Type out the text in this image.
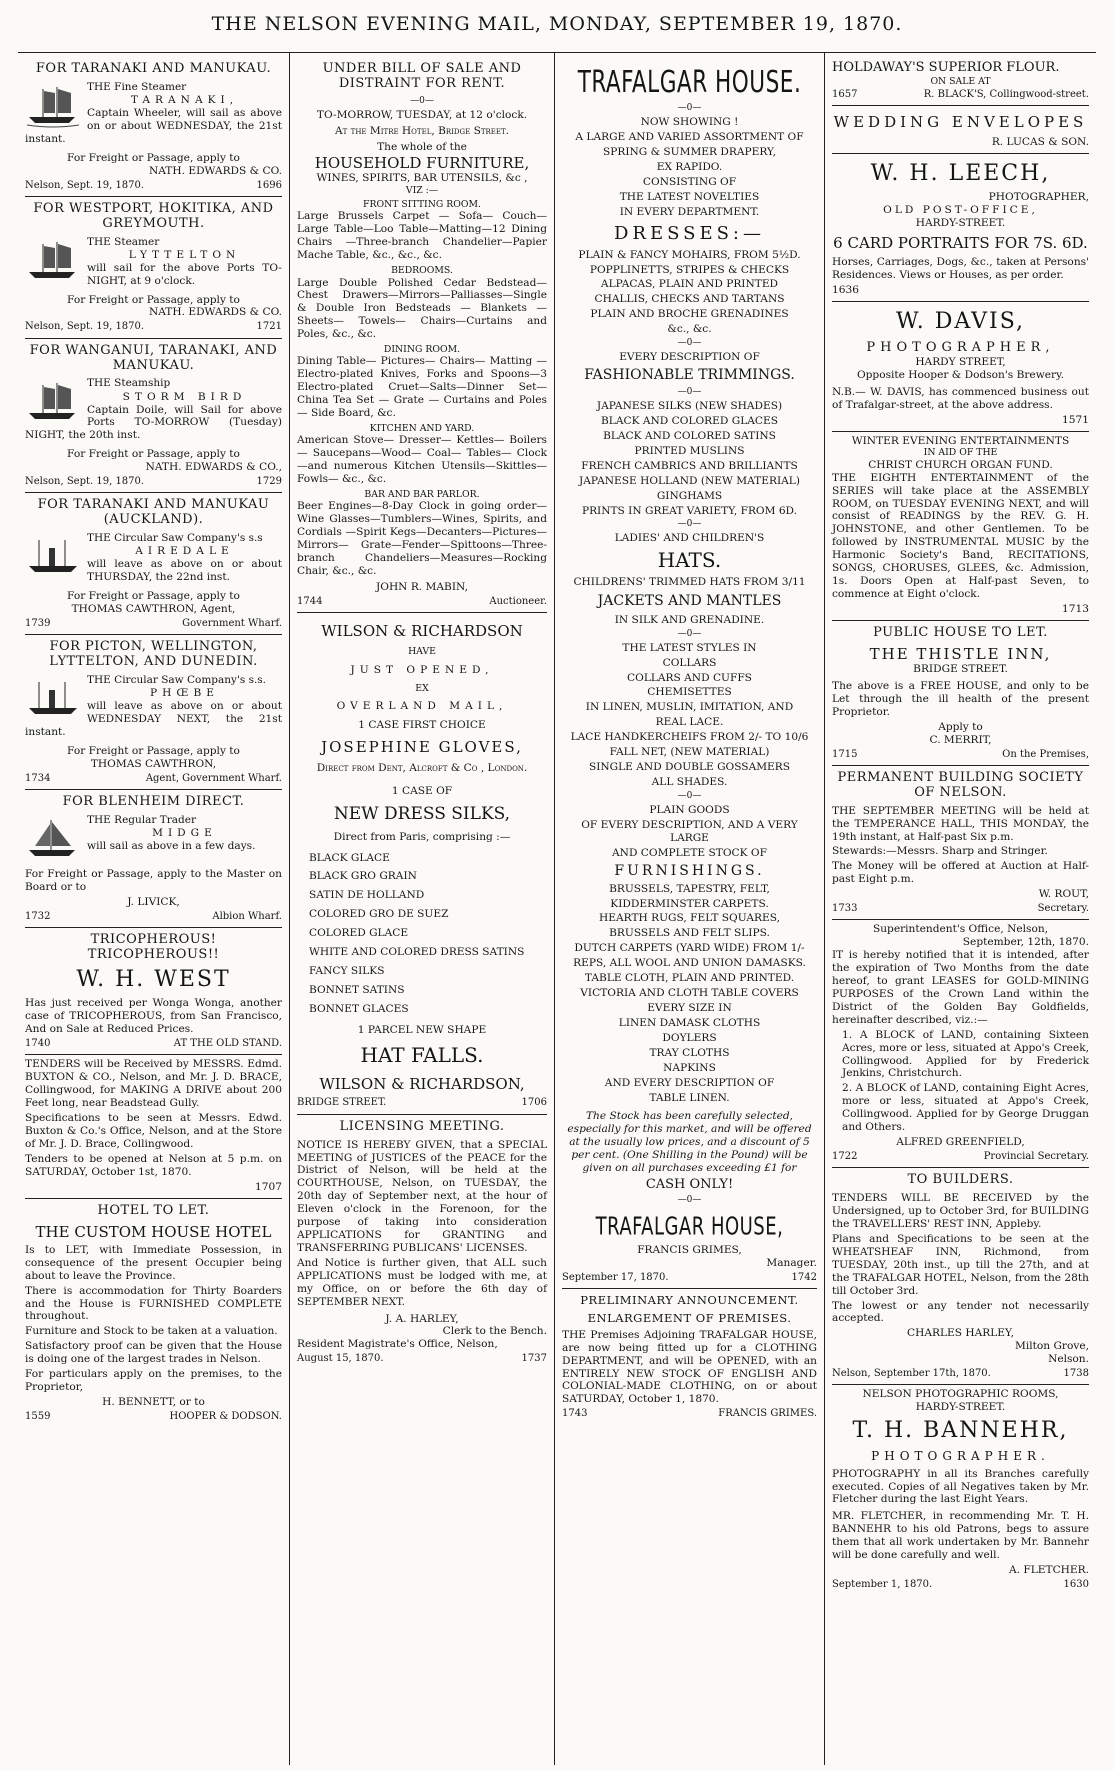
THE NELSON EVENING MAIL, MONDAY, SEPTEMBER 19, 1870.
FOR TARANAKI AND MANUKAU.
THE Fine Steamer
TARANAKI,

Captain Wheeler, will sail as above on or about WEDNESDAY, the 21st instant.

For Freight or Passage, apply to
NATH. EDWARDS & CO.
Nelson, Sept. 19, 1870.	1696
FOR WESTPORT, HOKITIKA, AND GREYMOUTH.
THE Steamer
LYTTELTON

will sail for the above Ports TO-NIGHT, at 9 o'clock.

For Freight or Passage, apply to
NATH. EDWARDS & CO.
Nelson, Sept. 19, 1870.	1721
FOR WANGANUI, TARANAKI, AND MANUKAU.
THE Steamship
STORM BIRD

Captain Doile, will Sail for above Ports TO-MORROW (Tuesday) NIGHT, the 20th inst.

For Freight or Passage, apply to
NATH. EDWARDS & CO.,
Nelson, Sept. 19, 1870.	1729
FOR TARANAKI AND MANUKAU (AUCKLAND).
THE Circular Saw Company's s.s
AIREDALE

will leave as above on or about THURSDAY, the 22nd inst.

For Freight or Passage, apply to
THOMAS CAWTHRON, Agent,
1739	Government Wharf.
FOR PICTON, WELLINGTON, LYTTELTON, AND DUNEDIN.
THE Circular Saw Company's s.s.
PHŒBE

will leave as above on or about WEDNESDAY NEXT, the 21st instant.

For Freight or Passage, apply to
THOMAS CAWTHRON,
1734	Agent, Government Wharf.
FOR BLENHEIM DIRECT.
THE Regular Trader
MIDGE

will sail as above in a few days.

For Freight or Passage, apply to the Master on Board or to

J. LIVICK,
1732	Albion Wharf.
TRICOPHEROUS! TRICOPHEROUS!!
W. H. WEST

Has just received per Wonga Wonga, another case of TRICOPHEROUS, from San Francisco, And on Sale at Reduced Prices.

1740	AT THE OLD STAND.

TENDERS will be Received by MESSRS. Edmd. BUXTON & CO., Nelson, and Mr. J. D. BRACE, Collingwood, for MAKING A DRIVE about 200 Feet long, near Beadstead Gully.

Specifications to be seen at Messrs. Edwd. Buxton & Co.'s Office, Nelson, and at the Store of Mr. J. D. Brace, Collingwood.

Tenders to be opened at Nelson at 5 p.m. on SATURDAY, October 1st, 1870.

1707
HOTEL TO LET.
THE CUSTOM HOUSE HOTEL

Is to LET, with Immediate Possession, in consequence of the present Occupier being about to leave the Province.

There is accommodation for Thirty Boarders and the House is FURNISHED COMPLETE throughout.

Furniture and Stock to be taken at a valuation.

Satisfactory proof can be given that the House is doing one of the largest trades in Nelson.

For particulars apply on the premises, to the Proprietor,

H. BENNETT, or to
1559	HOOPER & DODSON.
UNDER BILL OF SALE AND DISTRAINT FOR RENT.
—0—
TO-MORROW, TUESDAY, at 12 o'clock.
At the Mitre Hotel, Bridge Street.
The whole of the
HOUSEHOLD FURNITURE,
WINES, SPIRITS, BAR UTENSILS, &c ,
VIZ :—
FRONT SITTING ROOM.

Large Brussels Carpet — Sofa— Couch—Large Table—Loo Table—Matting—12 Dining Chairs —Three-branch Chandelier—Papier Mache Table, &c., &c., &c.

BEDROOMS.

Large Double Polished Cedar Bedstead—Chest Drawers—Mirrors—Palliasses—Single & Double Iron Bedsteads — Blankets — Sheets— Towels— Chairs—Curtains and Poles, &c., &c.

DINING ROOM.

Dining Table— Pictures— Chairs— Matting — Electro-plated Knives, Forks and Spoons—3 Electro-plated Cruet—Salts—Dinner Set—China Tea Set — Grate — Curtains and Poles— Side Board, &c.

KITCHEN AND YARD.

American Stove— Dresser— Kettles— Boilers— Saucepans—Wood— Coal— Tables— Clock—and numerous Kitchen Utensils—Skittles—Fowls— &c., &c.

BAR AND BAR PARLOR.

Beer Engines—8-Day Clock in going order—Wine Glasses—Tumblers—Wines, Spirits, and Cordials —Spirit Kegs—Decanters—Pictures—Mirrors— Grate—Fender—Spittoons—Three-branch Chandeliers—Measures—Rocking Chair, &c., &c.

JOHN R. MABIN,
1744	Auctioneer.
WILSON & RICHARDSON
HAVE
JUST OPENED,
EX
OVERLAND MAIL,
1 CASE FIRST CHOICE
JOSEPHINE GLOVES,
Direct from Dent, Alcroft & Co , London.
1 CASE OF
NEW DRESS SILKS,
Direct from Paris, comprising :—
BLACK GLACE
BLACK GRO GRAIN
SATIN DE HOLLAND
COLORED GRO DE SUEZ
COLORED GLACE
WHITE AND COLORED DRESS SATINS
FANCY SILKS
BONNET SATINS
BONNET GLACES
1 PARCEL NEW SHAPE
HAT FALLS.
WILSON & RICHARDSON,
BRIDGE STREET.	1706
LICENSING MEETING.

NOTICE IS HEREBY GIVEN, that a SPECIAL MEETING of JUSTICES of the PEACE for the District of Nelson, will be held at the COURTHOUSE, Nelson, on TUESDAY, the 20th day of September next, at the hour of Eleven o'clock in the Forenoon, for the purpose of taking into consideration APPLICATIONS for GRANTING and TRANSFERRING PUBLICANS' LICENSES.

And Notice is further given, that ALL such APPLICATIONS must be lodged with me, at my Office, on or before the 6th day of SEPTEMBER NEXT.

J. A. HARLEY,
Clerk to the Bench.
Resident Magistrate's Office, Nelson,
August 15, 1870.	1737
TRAFALGAR HOUSE.
—0—
NOW SHOWING !
A LARGE AND VARIED ASSORTMENT OF
SPRING & SUMMER DRAPERY,
EX RAPIDO.
CONSISTING OF
THE LATEST NOVELTIES
IN EVERY DEPARTMENT.
DRESSES:—
PLAIN & FANCY MOHAIRS, FROM 5½D.
POPPLINETTS, STRIPES & CHECKS
ALPACAS, PLAIN AND PRINTED
CHALLIS, CHECKS AND TARTANS
PLAIN AND BROCHE GRENADINES
&c., &c.
—0—
EVERY DESCRIPTION OF
FASHIONABLE TRIMMINGS.
—0—
JAPANESE SILKS (NEW SHADES)
BLACK AND COLORED GLACES
BLACK AND COLORED SATINS
PRINTED MUSLINS
FRENCH CAMBRICS AND BRILLIANTS
JAPANESE HOLLAND (NEW MATERIAL)
GINGHAMS
PRINTS IN GREAT VARIETY, FROM 6D.
—0—
LADIES' AND CHILDREN'S
HATS.
CHILDRENS' TRIMMED HATS FROM 3/11
JACKETS AND MANTLES
IN SILK AND GRENADINE.
—0—
THE LATEST STYLES IN
COLLARS
COLLARS AND CUFFS
CHEMISETTES
IN LINEN, MUSLIN, IMITATION, AND
REAL LACE.
LACE HANDKERCHEIFS FROM 2/- TO 10/6
FALL NET, (NEW MATERIAL)
SINGLE AND DOUBLE GOSSAMERS
ALL SHADES.
—0—
PLAIN GOODS
OF EVERY DESCRIPTION, AND A VERY LARGE
AND COMPLETE STOCK OF
FURNISHINGS.
BRUSSELS, TAPESTRY, FELT,
KIDDERMINSTER CARPETS.
HEARTH RUGS, FELT SQUARES,
BRUSSELS AND FELT SLIPS.
DUTCH CARPETS (YARD WIDE) FROM 1/-
REPS, ALL WOOL AND UNION DAMASKS.
TABLE CLOTH, PLAIN AND PRINTED.
VICTORIA AND CLOTH TABLE COVERS
EVERY SIZE IN
LINEN DAMASK CLOTHS
DOYLERS
TRAY CLOTHS
NAPKINS
AND EVERY DESCRIPTION OF
TABLE LINEN.

The Stock has been carefully selected, especially for this market, and will be offered at the usually low prices, and a discount of 5 per cent. (One Shilling in the Pound) will be given on all purchases exceeding £1 for

CASH ONLY!
—0—
TRAFALGAR HOUSE,
FRANCIS GRIMES,
Manager.
September 17, 1870.	1742
PRELIMINARY ANNOUNCEMENT.
ENLARGEMENT OF PREMISES.

THE Premises Adjoining TRAFALGAR HOUSE, are now being fitted up for a CLOTHING DEPARTMENT, and will be OPENED, with an ENTIRELY NEW STOCK OF ENGLISH AND COLONIAL-MADE CLOTHING, on or about SATURDAY, October 1, 1870.

1743	FRANCIS GRIMES.
HOLDAWAY'S SUPERIOR FLOUR.
ON SALE AT
1657	R. BLACK'S, Collingwood-street.
WEDDING ENVELOPES
R. LUCAS & SON.
W. H. LEECH,
PHOTOGRAPHER,
OLD POST-OFFICE,
HARDY-STREET.
6 CARD PORTRAITS FOR 7S. 6D.

Horses, Carriages, Dogs, &c., taken at Persons' Residences. Views or Houses, as per order.

1636
W. DAVIS,
PHOTOGRAPHER,
HARDY STREET,
Opposite Hooper & Dodson's Brewery.

N.B.— W. DAVIS, has commenced business out of Trafalgar-street, at the above address.

1571
WINTER EVENING ENTERTAINMENTS
IN AID OF THE
CHRIST CHURCH ORGAN FUND.

THE EIGHTH ENTERTAINMENT of the SERIES will take place at the ASSEMBLY ROOM, on TUESDAY EVENING NEXT, and will consist of READINGS by the REV. G. H. JOHNSTONE, and other Gentlemen. To be followed by INSTRUMENTAL MUSIC by the Harmonic Society's Band, RECITATIONS, SONGS, CHORUSES, GLEES, &c. Admission, 1s. Doors Open at Half-past Seven, to commence at Eight o'clock.

1713
PUBLIC HOUSE TO LET.
THE THISTLE INN,
BRIDGE STREET.

The above is a FREE HOUSE, and only to be Let through the ill health of the present Proprietor.

Apply to
C. MERRIT,
1715	On the Premises,
PERMANENT BUILDING SOCIETY OF NELSON.

THE SEPTEMBER MEETING will be held at the TEMPERANCE HALL, THIS MONDAY, the 19th instant, at Half-past Six p.m.

Stewards:—Messrs. Sharp and Stringer.

The Money will be offered at Auction at Half-past Eight p.m.

W. ROUT,
1733	Secretary.
Superintendent's Office, Nelson,
September, 12th, 1870.

IT is hereby notified that it is intended, after the expiration of Two Months from the date hereof, to grant LEASES for GOLD-MINING PURPOSES of the Crown Land within the District of the Golden Bay Goldfields, hereinafter described, viz.:—

1. A BLOCK of LAND, containing Sixteen Acres, more or less, situated at Appo's Creek, Collingwood. Applied for by Frederick Jenkins, Christchurch.

2. A BLOCK of LAND, containing Eight Acres, more or less, situated at Appo's Creek, Collingwood. Applied for by George Druggan and Others.

ALFRED GREENFIELD,
1722	Provincial Secretary.
TO BUILDERS.

TENDERS WILL BE RECEIVED by the Undersigned, up to October 3rd, for BUILDING the TRAVELLERS' REST INN, Appleby.

Plans and Specifications to be seen at the WHEATSHEAF INN, Richmond, from TUESDAY, 20th inst., up till the 27th, and at the TRAFALGAR HOTEL, Nelson, from the 28th till October 3rd.

The lowest or any tender not necessarily accepted.

CHARLES HARLEY,
Milton Grove,
Nelson.
Nelson, September 17th, 1870.	1738
NELSON PHOTOGRAPHIC ROOMS,
HARDY-STREET.
T. H. BANNEHR,
PHOTOGRAPHER.

PHOTOGRAPHY in all its Branches carefully executed. Copies of all Negatives taken by Mr. Fletcher during the last Eight Years.

MR. FLETCHER, in recommending Mr. T. H. BANNEHR to his old Patrons, begs to assure them that all work undertaken by Mr. Bannehr will be done carefully and well.

A. FLETCHER.
September 1, 1870.	1630
